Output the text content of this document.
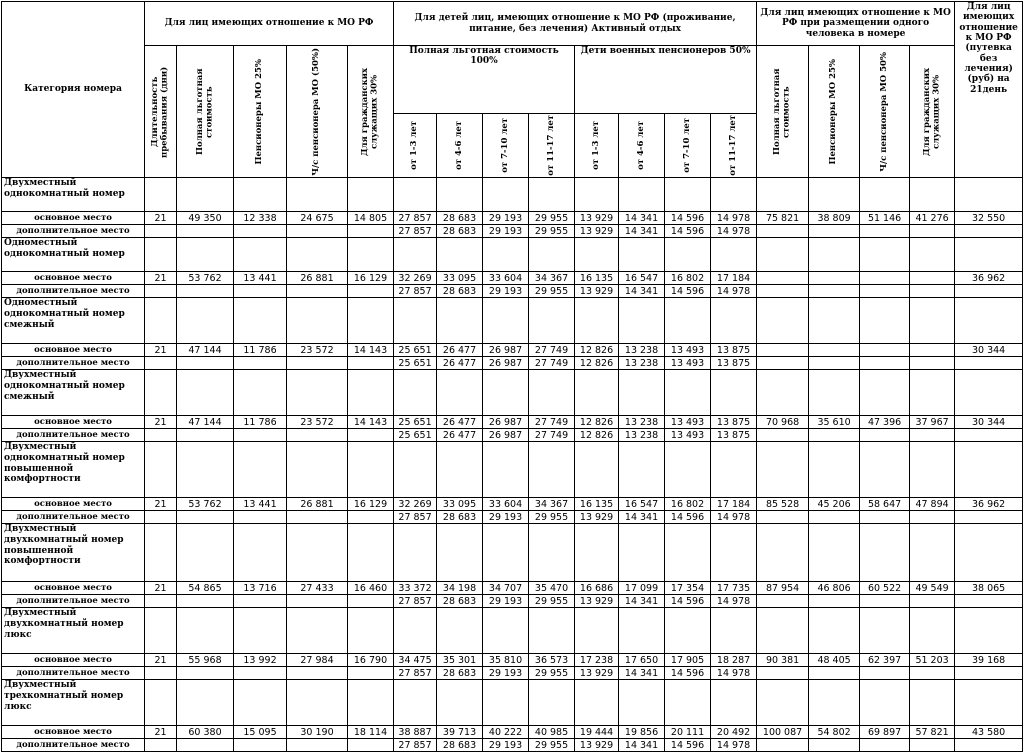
Категория номера	Для лиц имеющих отношение к МО РФ					Для детей лиц, имеющих отношение к МО РФ (проживание, питание, без лечения) Активный отдых								Для лиц имеющих отношение к МО РФ при размещении одного человека в номере				Для лиц имеющих отношение к МО РФ (путевка без лечения) (руб) на 21день

	Длительность пребывания (дни)	Полная льготная стоимость	Пенсионеры МО 25%	Ч/с пенсионера МО (50%)	Для гражданских служащих 30%	Полная льготная стоимость 100%				Дети военных пенсионеров 50%				Полная льготная стоимость	Пенсионеры МО 25%	Ч/с пенсионера МО 50%	Для гражданских служащих 30%	

						от 1-3 лет	от 4-6 лет	от 7-10 лет	от 11-17 лет	от 1-3 лет	от 4-6 лет	от 7-10 лет	от 11-17 лет					

Двухместный однокомнатный номер																		
основное место	21	49 350	12 338	24 675	14 805	27 857	28 683	29 193	29 955	13 929	14 341	14 596	14 978	75 821	38 809	51 146	41 276	32 550
дополнительное место						27 857	28 683	29 193	29 955	13 929	14 341	14 596	14 978					
Одноместный однокомнатный номер																		
основное место	21	53 762	13 441	26 881	16 129	32 269	33 095	33 604	34 367	16 135	16 547	16 802	17 184					36 962
дополнительное место						27 857	28 683	29 193	29 955	13 929	14 341	14 596	14 978					
Одноместный однокомнатный номер смежный																		
основное место	21	47 144	11 786	23 572	14 143	25 651	26 477	26 987	27 749	12 826	13 238	13 493	13 875					30 344
дополнительное место						25 651	26 477	26 987	27 749	12 826	13 238	13 493	13 875					
Двухместный однокомнатный номер смежный																		
основное место	21	47 144	11 786	23 572	14 143	25 651	26 477	26 987	27 749	12 826	13 238	13 493	13 875	70 968	35 610	47 396	37 967	30 344
дополнительное место						25 651	26 477	26 987	27 749	12 826	13 238	13 493	13 875					
Двухместный однокомнатный номер повышенной комфортности																		
основное место	21	53 762	13 441	26 881	16 129	32 269	33 095	33 604	34 367	16 135	16 547	16 802	17 184	85 528	45 206	58 647	47 894	36 962
дополнительное место						27 857	28 683	29 193	29 955	13 929	14 341	14 596	14 978					
Двухместный двухкомнатный номер повышенной комфортности																		
основное место	21	54 865	13 716	27 433	16 460	33 372	34 198	34 707	35 470	16 686	17 099	17 354	17 735	87 954	46 806	60 522	49 549	38 065
дополнительное место						27 857	28 683	29 193	29 955	13 929	14 341	14 596	14 978					
Двухместный двухкомнатный номер люкс																		
основное место	21	55 968	13 992	27 984	16 790	34 475	35 301	35 810	36 573	17 238	17 650	17 905	18 287	90 381	48 405	62 397	51 203	39 168
дополнительное место						27 857	28 683	29 193	29 955	13 929	14 341	14 596	14 978					
Двухместный трехкомнатный номер люкс																		
основное место	21	60 380	15 095	30 190	18 114	38 887	39 713	40 222	40 985	19 444	19 856	20 111	20 492	100 087	54 802	69 897	57 821	43 580
дополнительное место						27 857	28 683	29 193	29 955	13 929	14 341	14 596	14 978					
